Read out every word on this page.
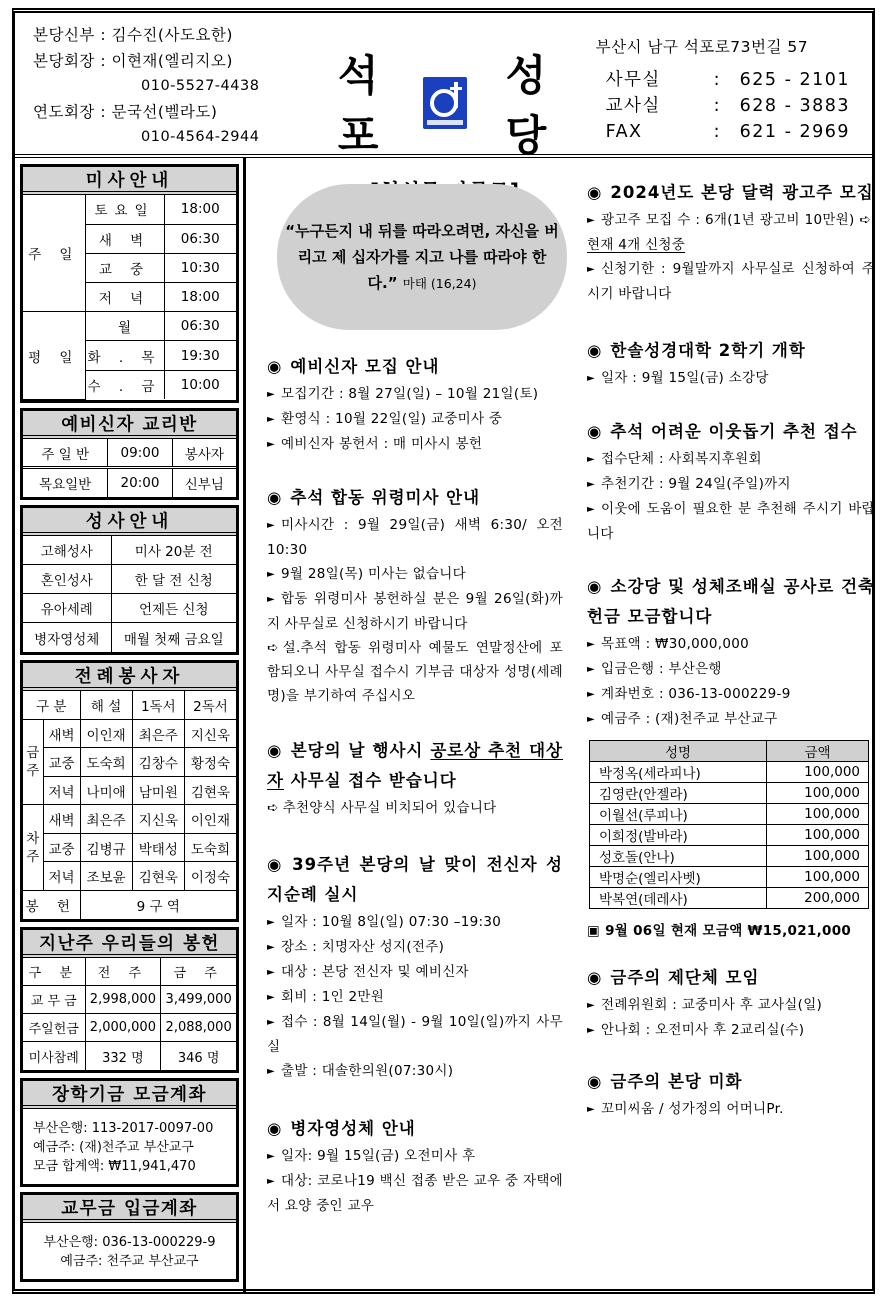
본당신부 : 김수진(사도요한)
본당회장 : 이현재(엘리지오)
010-5527-4438
연도회장 : 문국선(벨라도)
010-4564-2944
석포
성당
부산시 남구 석포로73번길 57
사무실	:	625 - 2101
교사실	:	628 - 3883
FAX	:	621 - 2969
미사안내
주 일	토요일	18:00
	새 벽	06:30
	교 중	10:30
	저 녁	18:00
평 일	월	06:30
	화 . 목	19:30
	수 . 금	10:00
예비신자 교리반
주 일 반	09:00	봉사자
목요일반	20:00	신부님
성사안내
고해성사	미사 20분 전
혼인성사	한 달 전 신청
유아세례	언제든 신청
병자영성체	매월 첫째 금요일
전례봉사자
구 분		해 설	1독서	2독서
금주	새벽	이인재	최은주	지신욱
	교중	도숙희	김창수	황정숙
	저녁	나미애	남미원	김현욱
차주	새벽	최은주	지신욱	이인재
	교중	김병규	박태성	도숙희
	저녁	조보윤	김현욱	이정숙
봉 헌		9 구 역		
지난주 우리들의 봉헌
구 분	전 주	금 주
교 무 금	2,998,000	3,499,000
주일헌금	2,000,000	2,088,000
미사참례	332 명	346 명
장학기금 모금계좌
부산은행: 113-2017-0097-00
예금주: (재)천주교 부산교구
모금 합계액: ₩11,941,470
교무금 입금계좌
부산은행: 036-13-000229-9
예금주: 천주교 부산교구
“누구든지 내 뒤를 따라오려면, 자신을 버리고 제 십자가를 지고 나를 따라야 한다.” 마태 (16,24)
◉ 예비신자 모집 안내
► 모집기간 : 8월 27일(일) – 10월 21일(토)
► 환영식 : 10월 22일(일) 교중미사 중
► 예비신자 봉헌서 : 매 미사시 봉헌
◉ 추석 합동 위령미사 안내
► 미사시간 : 9월 29일(금) 새벽 6:30/ 오전 10:30
► 9월 28일(목) 미사는 없습니다
► 합동 위령미사 봉헌하실 분은 9월 26일(화)까지 사무실로 신청하시기 바랍니다
➪ 설.추석 합동 위령미사 예물도 연말정산에 포함되오니 사무실 접수시 기부금 대상자 성명(세례명)을 부기하여 주십시오
◉ 본당의 날 행사시 공로상 추천 대상자 사무실 접수 받습니다
➪ 추천양식 사무실 비치되어 있습니다
◉ 39주년 본당의 날 맞이 전신자 성지순례 실시
► 일자 : 10월 8일(일) 07:30 –19:30
► 장소 : 치명자산 성지(전주)
► 대상 : 본당 전신자 및 예비신자
► 회비 : 1인 2만원
► 접수 : 8월 14일(월) - 9월 10일(일)까지 사무실
► 출발 : 대솔한의원(07:30시)
◉ 병자영성체 안내
► 일자: 9월 15일(금) 오전미사 후
► 대상: 코로나19 백신 접종 받은 교우 중 자택에서 요양 중인 교우
◉ 2024년도 본당 달력 광고주 모집
► 광고주 모집 수 : 6개(1년 광고비 10만원) ➪현재 4개 신청중
► 신청기한 : 9월말까지 사무실로 신청하여 주시기 바랍니다
◉ 한솔성경대학 2학기 개학
► 일자 : 9월 15일(금) 소강당
◉ 추석 어려운 이웃돕기 추천 접수
► 접수단체 : 사회복지후원회
► 추천기간 : 9월 24일(주일)까지
► 이웃에 도움이 필요한 분 추천해 주시기 바랍니다
◉ 소강당 및 성체조배실 공사로 건축헌금 모금합니다
► 목표액 : ₩30,000,000
► 입금은행 : 부산은행
► 계좌번호 : 036-13-000229-9
► 예금주 : (재)천주교 부산교구
성명	금액
박정옥(세라피나)	100,000
김영란(안젤라)	100,000
이월선(루피나)	100,000
이희정(발바라)	100,000
성호돌(안나)	100,000
박명순(엘리사벳)	100,000
박복연(데레사)	200,000
▣ 9월 06일 현재 모금액 ₩15,021,000
◉ 금주의 제단체 모임
► 전례위원회 : 교중미사 후 교사실(일)
► 안나회 : 오전미사 후 2교리실(수)
◉ 금주의 본당 미화
► 꼬미씨움 / 성가정의 어머니Pr.
